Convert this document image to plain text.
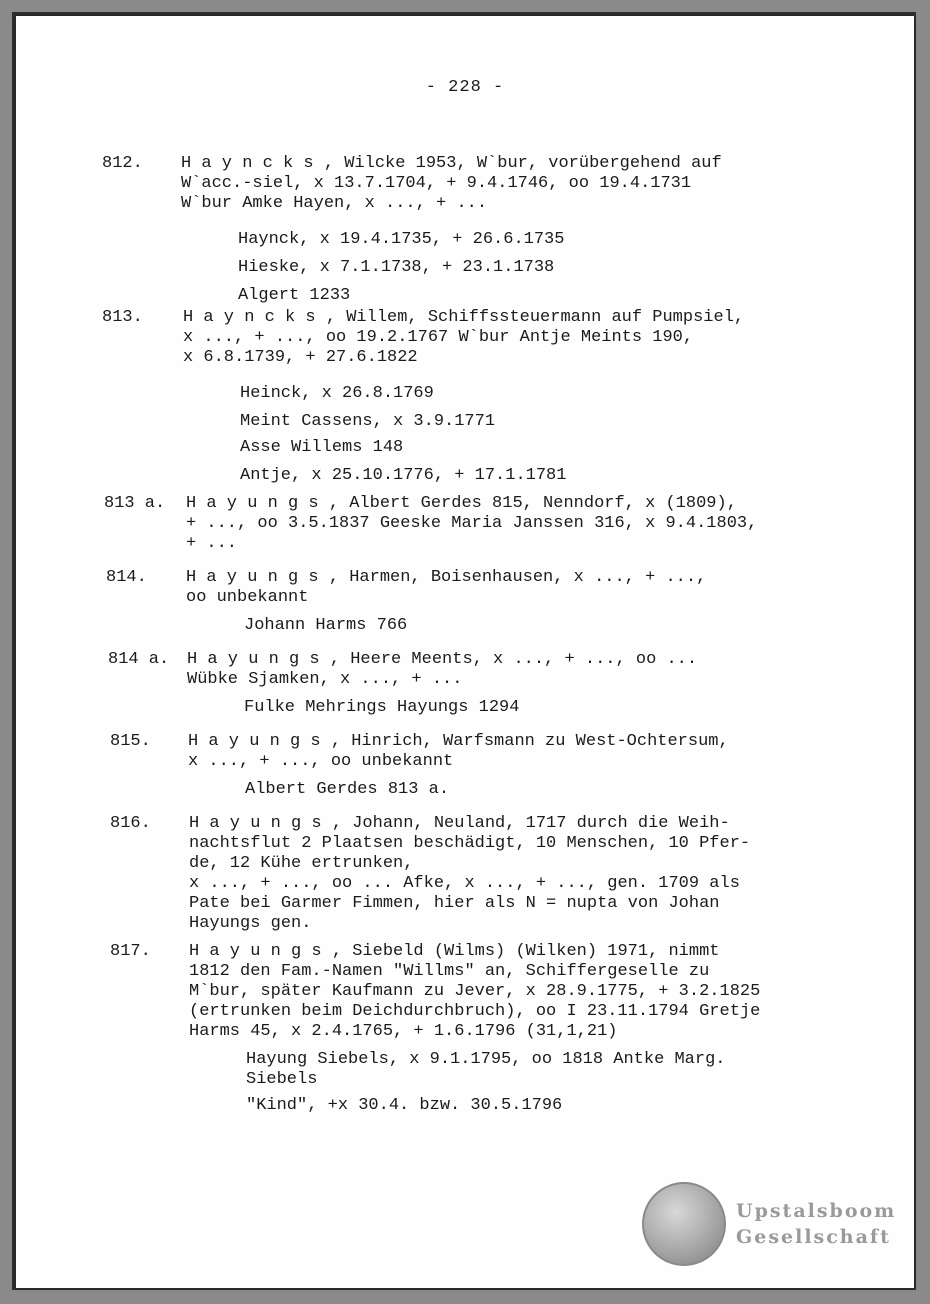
- 228 -
812. H a y n c k s , Wilcke 1953, W`bur, vorübergehend auf
W`acc.-siel, x 13.7.1704, + 9.4.1746, oo 19.4.1731
W`bur Amke Hayen, x ..., + ...
Haynck, x 19.4.1735, + 26.6.1735
Hieske, x 7.1.1738, + 23.1.1738
Algert 1233
813. H a y n c k s , Willem, Schiffssteuermann auf Pumpsiel,
x ..., + ..., oo 19.2.1767 W`bur Antje Meints 190,
x 6.8.1739, + 27.6.1822
Heinck, x 26.8.1769
Meint Cassens, x 3.9.1771
Asse Willems 148
Antje, x 25.10.1776, + 17.1.1781
813 a. H a y u n g s , Albert Gerdes 815, Nenndorf, x (1809),
+ ..., oo 3.5.1837 Geeske Maria Janssen 316, x 9.4.1803,
+ ...
814. H a y u n g s , Harmen, Boisenhausen, x ..., + ...,
oo unbekannt
Johann Harms 766
814 a. H a y u n g s , Heere Meents, x ..., + ..., oo ...
Wübke Sjamken, x ..., + ...
Fulke Mehrings Hayungs 1294
815. H a y u n g s , Hinrich, Warfsmann zu West-Ochtersum,
x ..., + ..., oo unbekannt
Albert Gerdes 813 a.
816. H a y u n g s , Johann, Neuland, 1717 durch die Weih-
nachtsflut 2 Plaatsen beschädigt, 10 Menschen, 10 Pfer-
de, 12 Kühe ertrunken,
x ..., + ..., oo ... Afke, x ..., + ..., gen. 1709 als
Pate bei Garmer Fimmen, hier als N = nupta von Johan
Hayungs gen.
817. H a y u n g s , Siebeld (Wilms) (Wilken) 1971, nimmt
1812 den Fam.-Namen "Willms" an, Schiffergeselle zu
M`bur, später Kaufmann zu Jever, x 28.9.1775, + 3.2.1825
(ertrunken beim Deichdurchbruch), oo I 23.11.1794 Gretje
Harms 45, x 2.4.1765, + 1.6.1796 (31,1,21)
Hayung Siebels, x 9.1.1795, oo 1818 Antke Marg.
Siebels
"Kind", +x 30.4. bzw. 30.5.1796
Upstalsboom
Gesellschaft
